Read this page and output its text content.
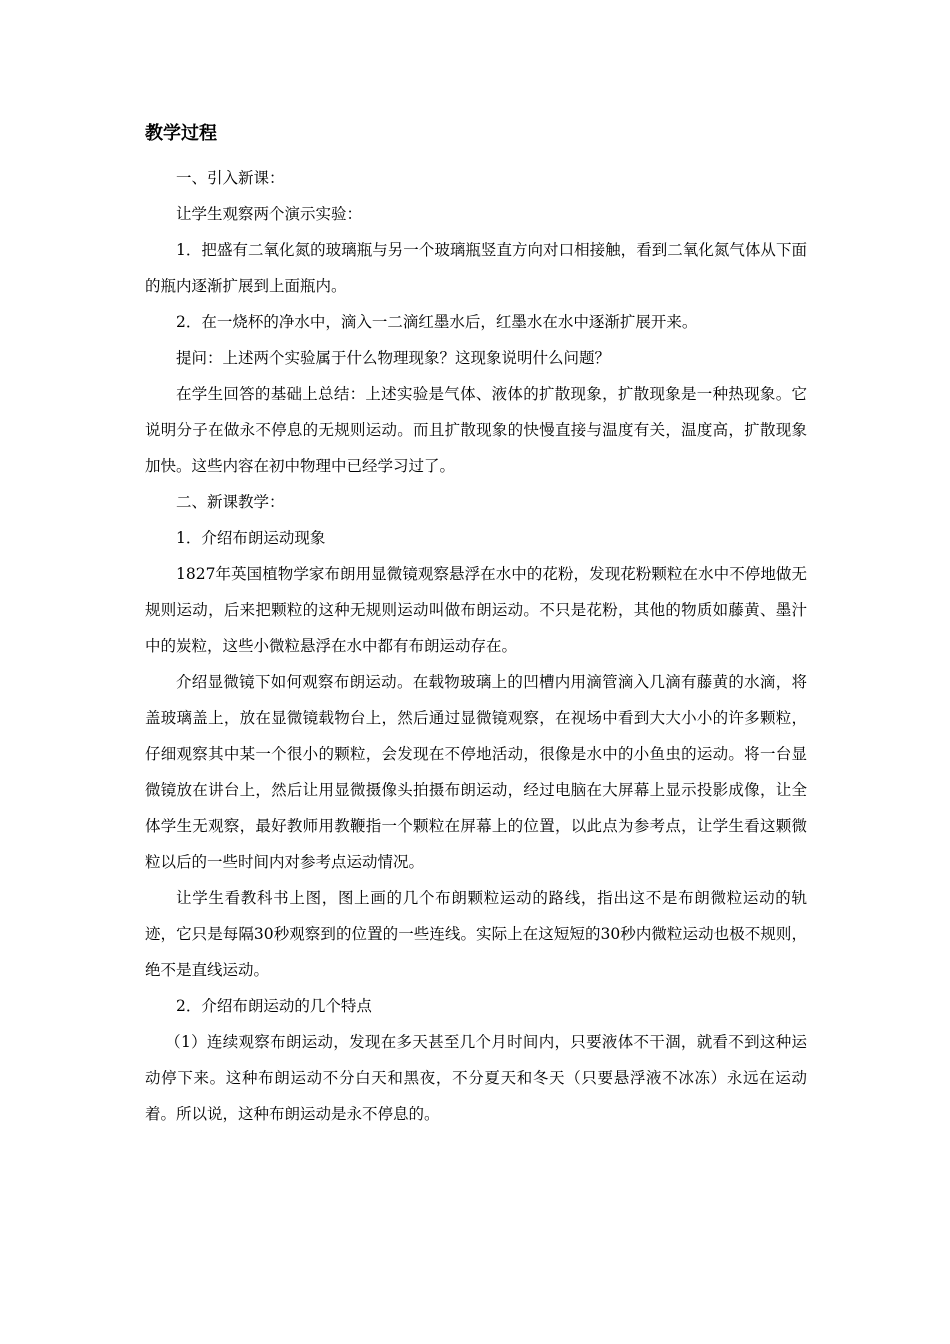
教学过程

一、引入新课：

让学生观察两个演示实验：

1．把盛有二氧化氮的玻璃瓶与另一个玻璃瓶竖直方向对口相接触，看到二氧化氮气体从下面的瓶内逐渐扩展到上面瓶内。

2．在一烧杯的净水中，滴入一二滴红墨水后，红墨水在水中逐渐扩展开来。

提问：上述两个实验属于什么物理现象？这现象说明什么问题？

在学生回答的基础上总结：上述实验是气体、液体的扩散现象，扩散现象是一种热现象。它说明分子在做永不停息的无规则运动。而且扩散现象的快慢直接与温度有关，温度高，扩散现象加快。这些内容在初中物理中已经学习过了。

二、新课教学：

1．介绍布朗运动现象

1827年英国植物学家布朗用显微镜观察悬浮在水中的花粉，发现花粉颗粒在水中不停地做无规则运动，后来把颗粒的这种无规则运动叫做布朗运动。不只是花粉，其他的物质如藤黄、墨汁中的炭粒，这些小微粒悬浮在水中都有布朗运动存在。

介绍显微镜下如何观察布朗运动。在载物玻璃上的凹槽内用滴管滴入几滴有藤黄的水滴，将盖玻璃盖上，放在显微镜载物台上，然后通过显微镜观察，在视场中看到大大小小的许多颗粒，仔细观察其中某一个很小的颗粒，会发现在不停地活动，很像是水中的小鱼虫的运动。将一台显微镜放在讲台上，然后让用显微摄像头拍摄布朗运动，经过电脑在大屏幕上显示投影成像，让全体学生无观察，最好教师用教鞭指一个颗粒在屏幕上的位置，以此点为参考点，让学生看这颗微粒以后的一些时间内对参考点运动情况。

让学生看教科书上图，图上画的几个布朗颗粒运动的路线，指出这不是布朗微粒运动的轨迹，它只是每隔30秒观察到的位置的一些连线。实际上在这短短的30秒内微粒运动也极不规则，绝不是直线运动。

2．介绍布朗运动的几个特点

（1）连续观察布朗运动，发现在多天甚至几个月时间内，只要液体不干涸，就看不到这种运动停下来。这种布朗运动不分白天和黑夜，不分夏天和冬天（只要悬浮液不冰冻）永远在运动着。所以说，这种布朗运动是永不停息的。
